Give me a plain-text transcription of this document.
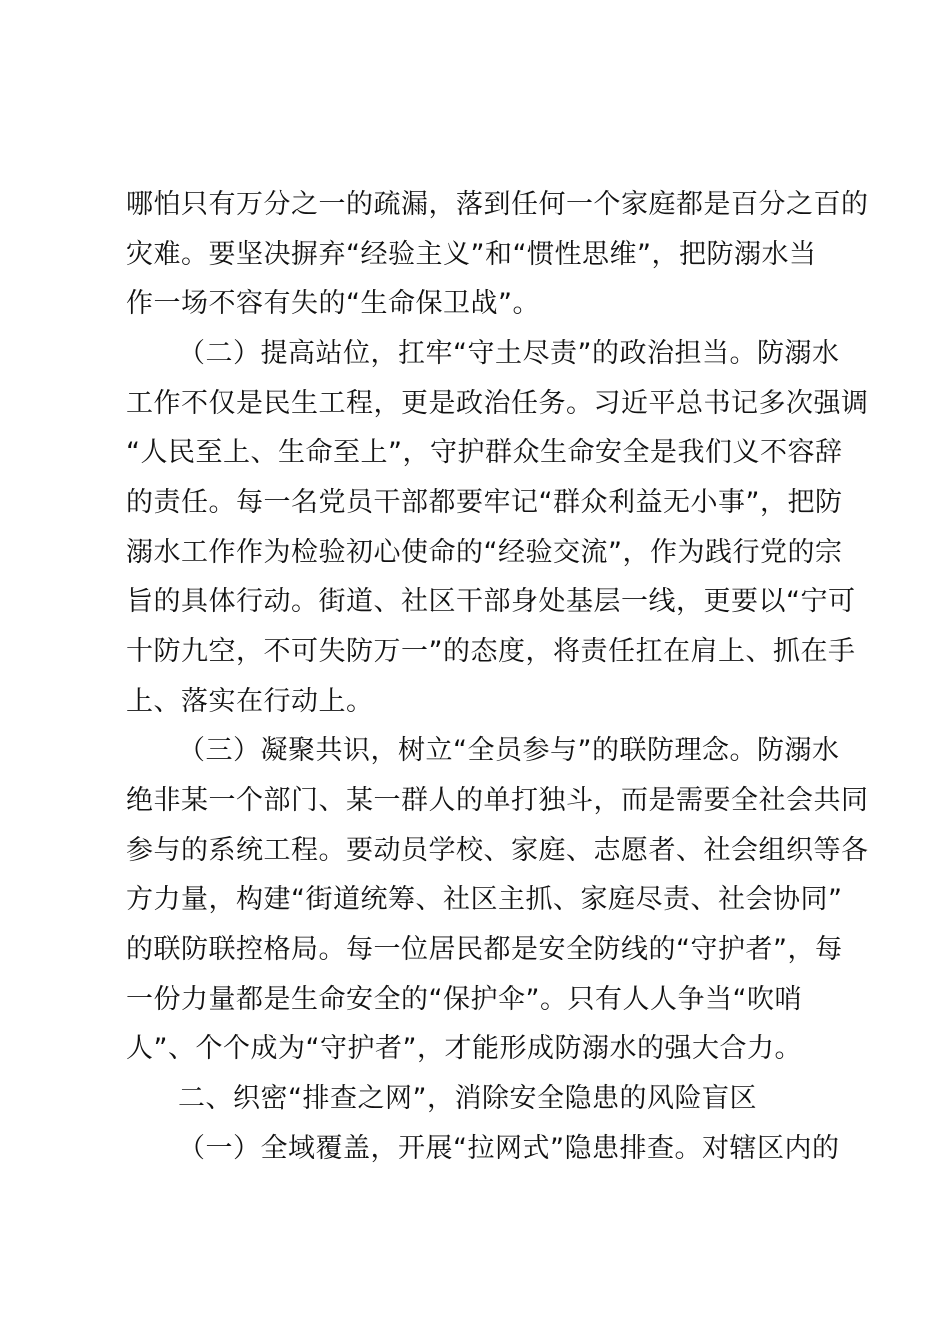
哪怕只有万分之一的疏漏，落到任何一个家庭都是百分之百的
灾难。要坚决摒弃“经验主义”和“惯性思维”，把防溺水当
作一场不容有失的“生命保卫战”。
（二）提高站位，扛牢“守土尽责”的政治担当。防溺水
工作不仅是民生工程，更是政治任务。习近平总书记多次强调
“人民至上、生命至上”，守护群众生命安全是我们义不容辞
的责任。每一名党员干部都要牢记“群众利益无小事”，把防
溺水工作作为检验初心使命的“经验交流”，作为践行党的宗
旨的具体行动。街道、社区干部身处基层一线，更要以“宁可
十防九空，不可失防万一”的态度，将责任扛在肩上、抓在手
上、落实在行动上。
（三）凝聚共识，树立“全员参与”的联防理念。防溺水
绝非某一个部门、某一群人的单打独斗，而是需要全社会共同
参与的系统工程。要动员学校、家庭、志愿者、社会组织等各
方力量，构建“街道统筹、社区主抓、家庭尽责、社会协同”
的联防联控格局。每一位居民都是安全防线的“守护者”，每
一份力量都是生命安全的“保护伞”。只有人人争当“吹哨
人”、个个成为“守护者”，才能形成防溺水的强大合力。
二、织密“排查之网”，消除安全隐患的风险盲区
（一）全域覆盖，开展“拉网式”隐患排查。对辖区内的
